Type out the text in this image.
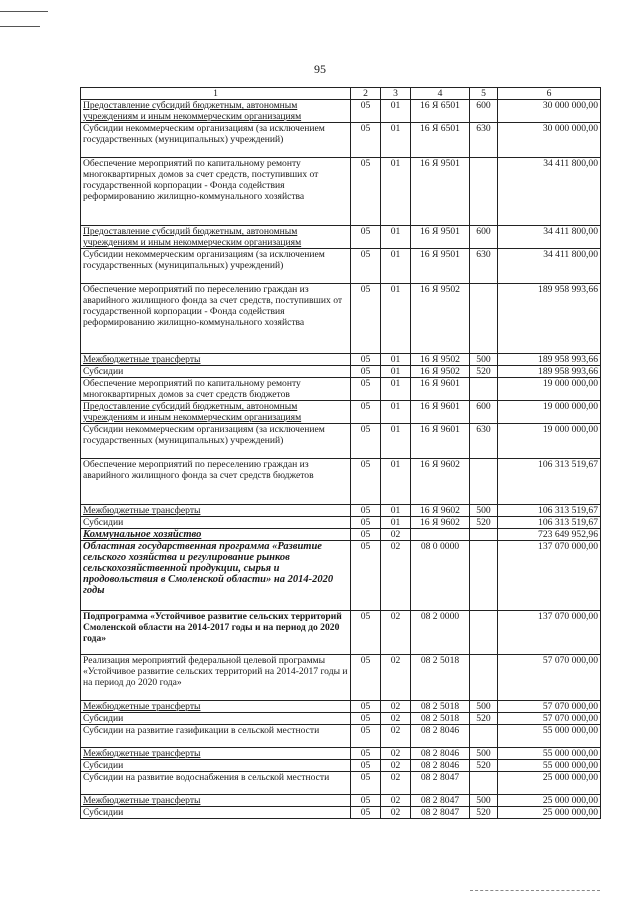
95
1	2	3	4	5	6
Предоставление субсидий бюджетным, автономным учреждениям и иным некоммерческим организациям	05	01	16 Я 6501	600	30 000 000,00
Субсидии некоммерческим организациям (за исключением государственных (муниципальных) учреждений)	05	01	16 Я 6501	630	30 000 000,00
Обеспечение мероприятий по капитальному ремонту многоквартирных домов за счет средств, поступивших от государственной корпорации - Фонда содействия реформированию жилищно-коммунального хозяйства	05	01	16 Я 9501		34 411 800,00
Предоставление субсидий бюджетным, автономным учреждениям и иным некоммерческим организациям	05	01	16 Я 9501	600	34 411 800,00
Субсидии некоммерческим организациям (за исключением государственных (муниципальных) учреждений)	05	01	16 Я 9501	630	34 411 800,00
Обеспечение мероприятий по переселению граждан из аварийного жилищного фонда за счет средств, поступивших от государственной корпорации - Фонда содействия реформированию жилищно-коммунального хозяйства	05	01	16 Я 9502		189 958 993,66
Межбюджетные трансферты	05	01	16 Я 9502	500	189 958 993,66
Субсидии	05	01	16 Я 9502	520	189 958 993,66
Обеспечение мероприятий по капитальному ремонту многоквартирных домов за счет средств бюджетов	05	01	16 Я 9601		19 000 000,00
Предоставление субсидий бюджетным, автономным учреждениям и иным некоммерческим организациям	05	01	16 Я 9601	600	19 000 000,00
Субсидии некоммерческим организациям (за исключением государственных (муниципальных) учреждений)	05	01	16 Я 9601	630	19 000 000,00
Обеспечение мероприятий по переселению граждан из аварийного жилищного фонда за счет средств бюджетов	05	01	16 Я 9602		106 313 519,67
Межбюджетные трансферты	05	01	16 Я 9602	500	106 313 519,67
Субсидии	05	01	16 Я 9602	520	106 313 519,67
Коммунальное хозяйство	05	02			723 649 952,96
Областная государственная программа «Развитие сельского хозяйства и регулирование рынков сельскохозяйственной продукции, сырья и продовольствия в Смоленской области» на 2014-2020 годы	05	02	08 0 0000		137 070 000,00
Подпрограмма «Устойчивое развитие сельских территорий Смоленской области на 2014-2017 годы и на период до 2020 года»	05	02	08 2 0000		137 070 000,00
Реализация мероприятий федеральной целевой программы «Устойчивое развитие сельских территорий на 2014-2017 годы и на период до 2020 года»	05	02	08 2 5018		57 070 000,00
Межбюджетные трансферты	05	02	08 2 5018	500	57 070 000,00
Субсидии	05	02	08 2 5018	520	57 070 000,00
Субсидии на развитие газификации в сельской местности	05	02	08 2 8046		55 000 000,00
Межбюджетные трансферты	05	02	08 2 8046	500	55 000 000,00
Субсидии	05	02	08 2 8046	520	55 000 000,00
Субсидии на развитие водоснабжения в сельской местности	05	02	08 2 8047		25 000 000,00
Межбюджетные трансферты	05	02	08 2 8047	500	25 000 000,00
Субсидии	05	02	08 2 8047	520	25 000 000,00
